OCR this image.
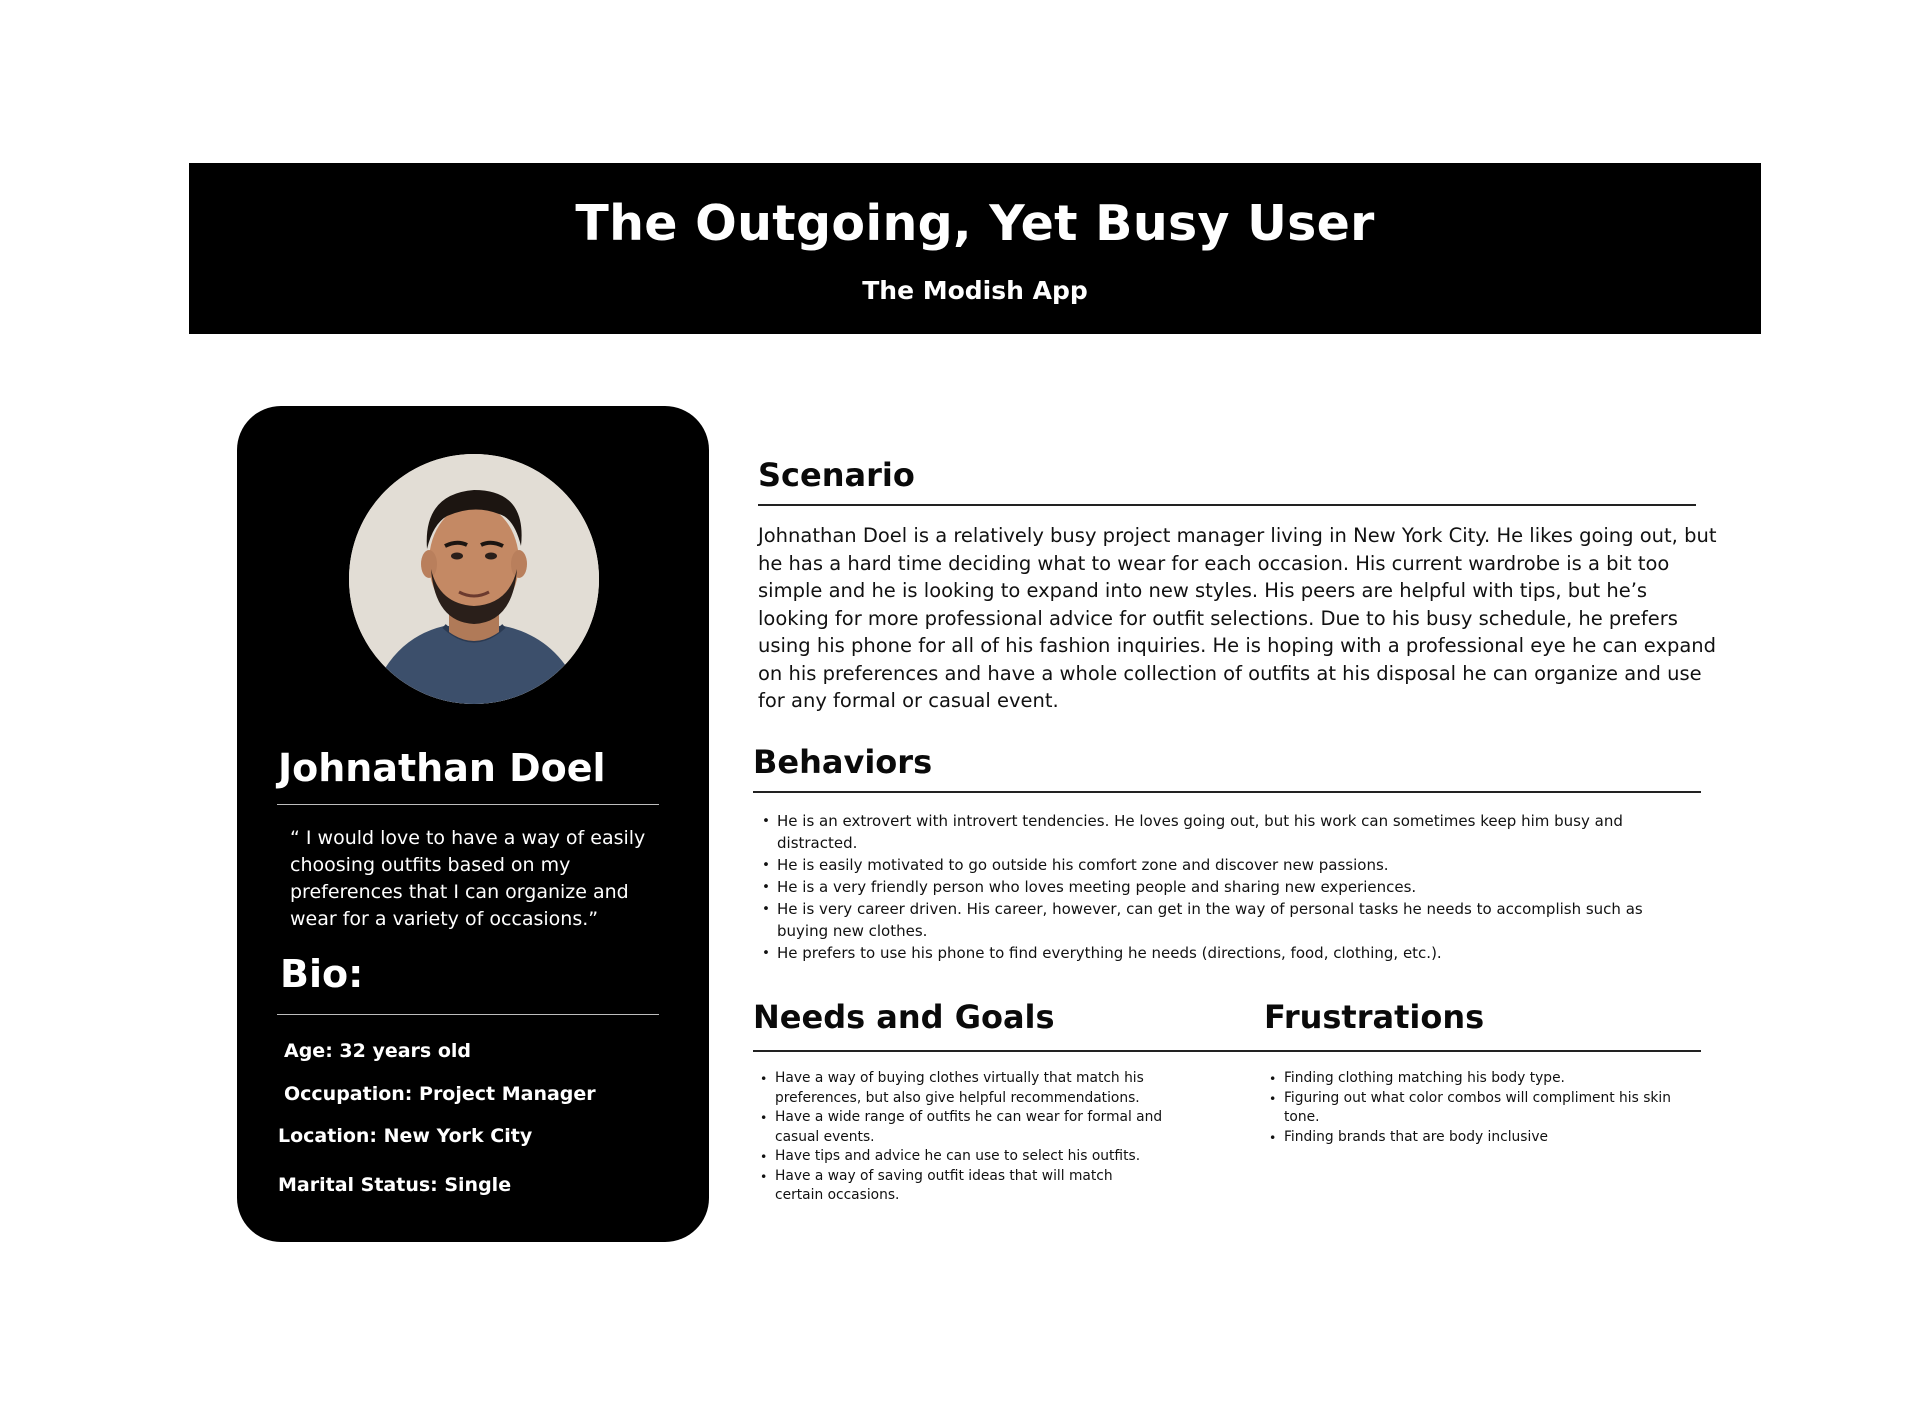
The Outgoing, Yet Busy User
The Modish App
Johnathan Doel
“ I would love to have a way of easily choosing outfits based on my preferences that I can organize and wear for a variety of occasions.”
Bio:
Age: 32 years old
Occupation: Project Manager
Location: New York City
Marital Status: Single
Scenario
Johnathan Doel is a relatively busy project manager living in New York City. He likes going out, but he has a hard time deciding what to wear for each occasion. His current wardrobe is a bit too simple and he is looking to expand into new styles. His peers are helpful with tips, but he’s looking for more professional advice for outfit selections. Due to his busy schedule, he prefers using his phone for all of his fashion inquiries. He is hoping with a professional eye he can expand on his preferences and have a whole collection of outfits at his disposal he can organize and use for any formal or casual event.
Behaviors
• He is an extrovert with introvert tendencies. He loves going out, but his work can sometimes keep him busy and distracted.
• He is easily motivated to go outside his comfort zone and discover new passions.
• He is a very friendly person who loves meeting people and sharing new experiences.
• He is very career driven. His career, however, can get in the way of personal tasks he needs to accomplish such as buying new clothes.
• He prefers to use his phone to find everything he needs (directions, food, clothing, etc.).
Needs and Goals	Frustrations
• Have a way of buying clothes virtually that match his preferences, but also give helpful recommendations.
• Have a wide range of outfits he can wear for formal and casual events.
• Have tips and advice he can use to select his outfits.
• Have a way of saving outfit ideas that will match certain occasions.
• Finding clothing matching his body type.
• Figuring out what color combos will compliment his skin tone.
• Finding brands that are body inclusive
